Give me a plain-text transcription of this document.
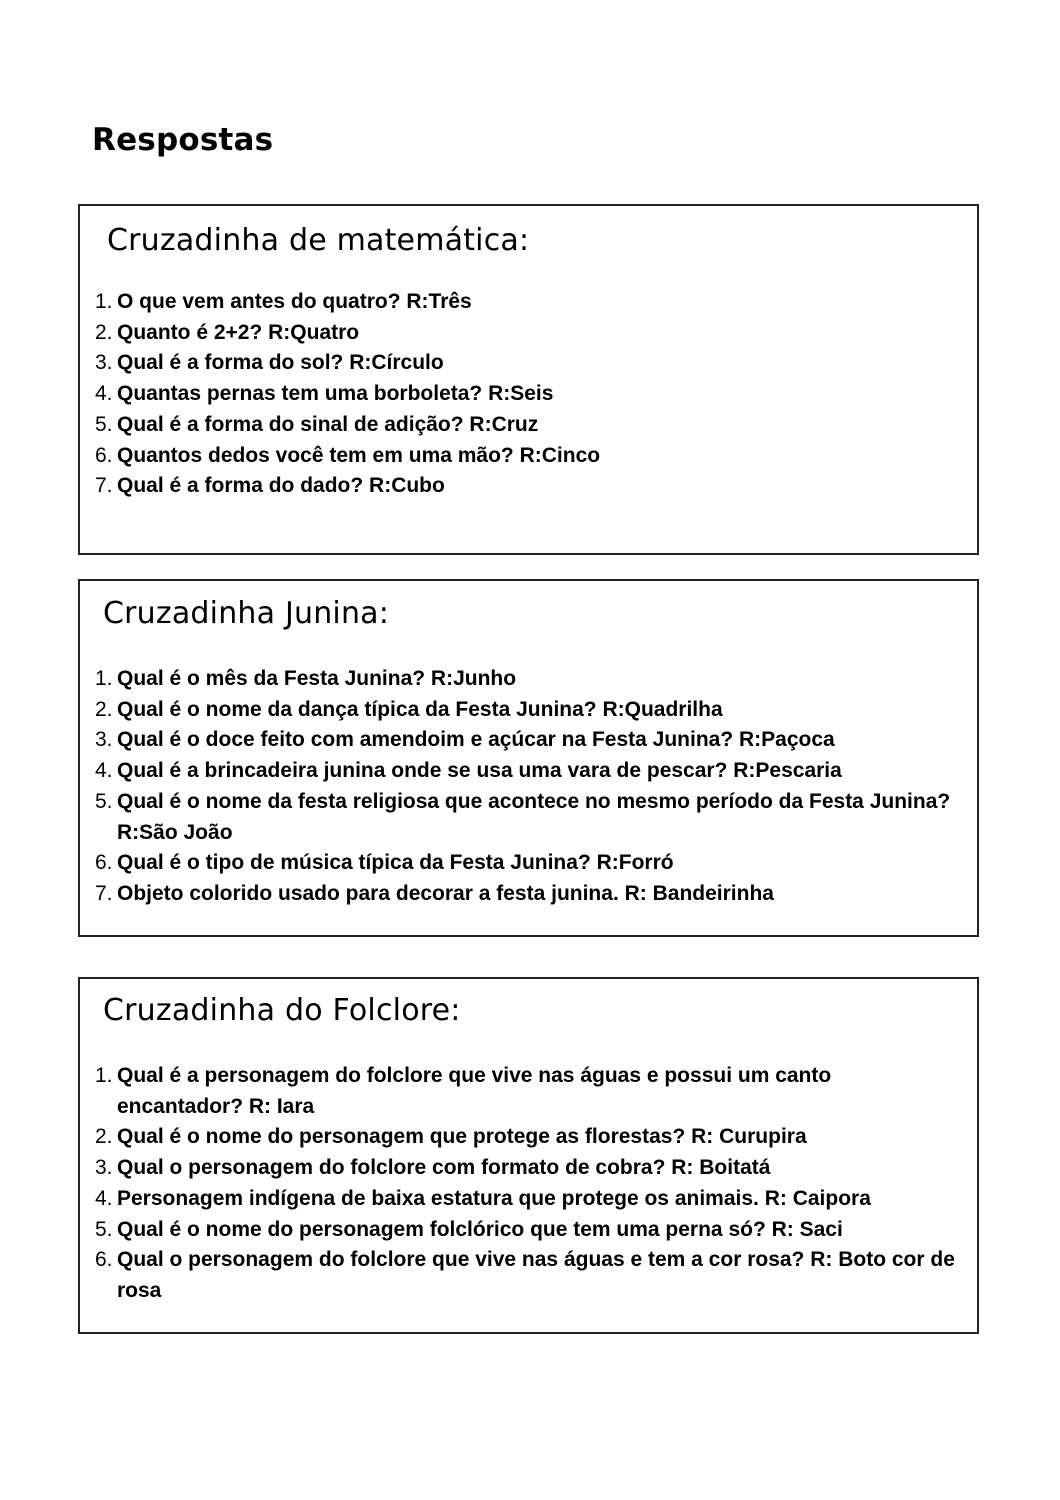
Respostas
Cruzadinha de matemática:
1. O que vem antes do quatro? R:Três
2. Quanto é 2+2? R:Quatro
3. Qual é a forma do sol? R:Círculo
4. Quantas pernas tem uma borboleta? R:Seis
5. Qual é a forma do sinal de adição? R:Cruz
6. Quantos dedos você tem em uma mão? R:Cinco
7. Qual é a forma do dado? R:Cubo
Cruzadinha Junina:
1. Qual é o mês da Festa Junina? R:Junho
2. Qual é o nome da dança típica da Festa Junina? R:Quadrilha
3. Qual é o doce feito com amendoim e açúcar na Festa Junina? R:Paçoca
4. Qual é a brincadeira junina onde se usa uma vara de pescar? R:Pescaria
5. Qual é o nome da festa religiosa que acontece no mesmo período da Festa Junina? R:São João
6. Qual é o tipo de música típica da Festa Junina? R:Forró
7. Objeto colorido usado para decorar a festa junina. R: Bandeirinha
Cruzadinha do Folclore:
1. Qual é a personagem do folclore que vive nas águas e possui um canto encantador? R: Iara
2. Qual é o nome do personagem que protege as florestas? R: Curupira
3. Qual o personagem do folclore com formato de cobra? R: Boitatá
4. Personagem indígena de baixa estatura que protege os animais. R: Caipora
5. Qual é o nome do personagem folclórico que tem uma perna só? R: Saci
6. Qual o personagem do folclore que vive nas águas e tem a cor rosa? R: Boto cor de rosa
